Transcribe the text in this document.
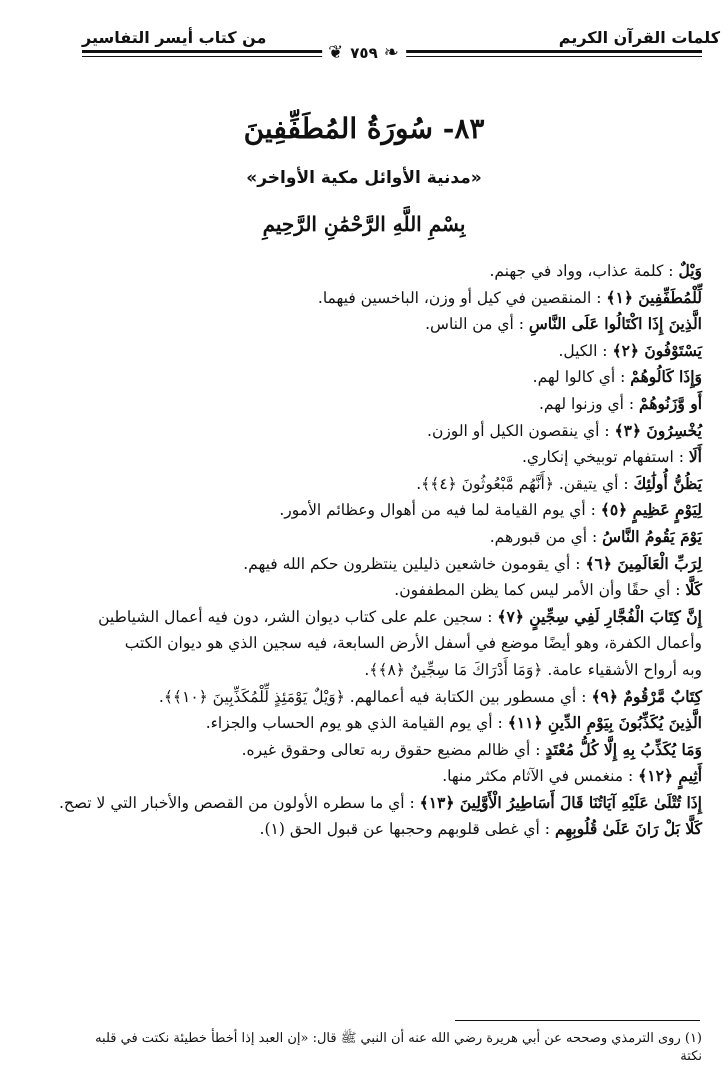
كلمات القرآن الكريم
من كتاب أيسر التفاسير
❦ ٧٥٩ ❧
٨٣- سُورَةُ المُطَفِّفِينَ
«مدنية الأوائل مكية الأواخر»
بِسْمِ اللَّهِ الرَّحْمَٰنِ الرَّحِيمِ
وَيْلٌ : كلمة عذاب، وواد في جهنم.
لِّلْمُطَفِّفِينَ ﴿١﴾ : المنقصين في كيل أو وزن، الباخسين فيهما.
الَّذِينَ إِذَا اكْتَالُوا عَلَى النَّاسِ : أي من الناس.
يَسْتَوْفُونَ ﴿٢﴾ : الكيل.
وَإِذَا كَالُوهُمْ : أي كالوا لهم.
أَو وَّزَنُوهُمْ : أي وزنوا لهم.
يُخْسِرُونَ ﴿٣﴾ : أي ينقصون الكيل أو الوزن.
أَلَا : استفهام توبيخي إنكاري.
يَظُنُّ أُولَٰئِكَ : أي يتيقن. ﴿أَنَّهُم مَّبْعُوثُونَ ﴿٤﴾﴾.
لِيَوْمٍ عَظِيمٍ ﴿٥﴾ : أي يوم القيامة لما فيه من أهوال وعظائم الأمور.
يَوْمَ يَقُومُ النَّاسُ : أي من قبورهم.
لِرَبِّ الْعَالَمِينَ ﴿٦﴾ : أي يقومون خاشعين ذليلين ينتظرون حكم الله فيهم.
كَلَّا : أي حقًا وأن الأمر ليس كما يظن المطففون.
إِنَّ كِتَابَ الْفُجَّارِ لَفِي سِجِّينٍ ﴿٧﴾ : سجين علم على كتاب ديوان الشر، دون فيه أعمال الشياطين
وأعمال الكفرة، وهو أيضًا موضع في أسفل الأرض السابعة، فيه سجين الذي هو ديوان الكتب
وبه أرواح الأشقياء عامة. ﴿وَمَا أَدْرَاكَ مَا سِجِّينٌ ﴿٨﴾﴾.
كِتَابٌ مَّرْقُومٌ ﴿٩﴾ : أي مسطور بين الكتابة فيه أعمالهم. ﴿وَيْلٌ يَوْمَئِذٍ لِّلْمُكَذِّبِينَ ﴿١٠﴾﴾.
الَّذِينَ يُكَذِّبُونَ بِيَوْمِ الدِّينِ ﴿١١﴾ : أي يوم القيامة الذي هو يوم الحساب والجزاء.
وَمَا يُكَذِّبُ بِهِ إِلَّا كُلُّ مُعْتَدٍ : أي ظالم مضيع حقوق ربه تعالى وحقوق غيره.
أَثِيمٍ ﴿١٢﴾ : منغمس في الآثام مكثر منها.
إِذَا تُتْلَىٰ عَلَيْهِ آيَاتُنَا قَالَ أَسَاطِيرُ الْأَوَّلِينَ ﴿١٣﴾ : أي ما سطره الأولون من القصص والأخبار التي لا تصح.
كَلَّا بَلْ رَانَ عَلَىٰ قُلُوبِهِم : أي غطى قلوبهم وحجبها عن قبول الحق (١).
(١) روى الترمذي وصححه عن أبي هريرة رضي الله عنه أن النبي ﷺ قال: «إن العبد إذا أخطأ خطيئة نكتت في قلبه نكتة
